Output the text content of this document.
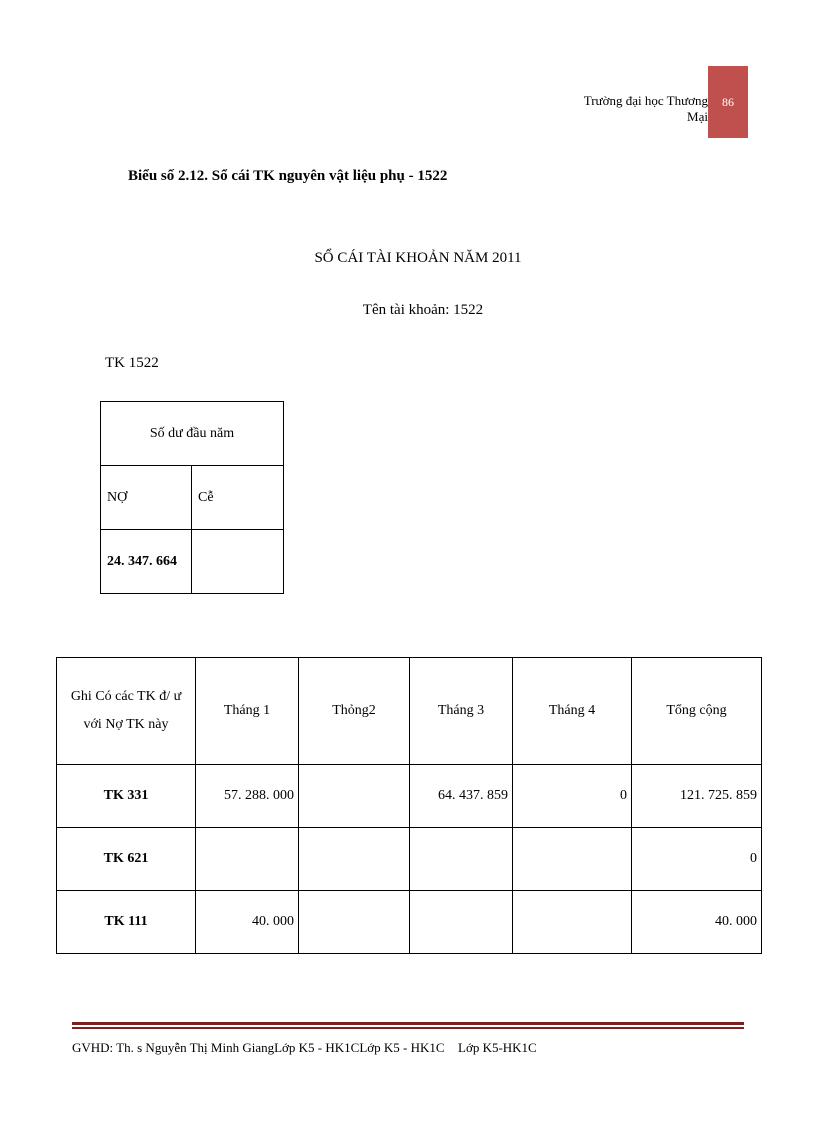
Trường đại học Thương Mại
86
Biểu số 2.12. Sổ cái TK nguyên vật liệu phụ - 1522
SỔ CÁI TÀI KHOẢN NĂM 2011
Tên tài khoản: 1522
TK 1522
Số dư đầu năm	
NỢ	Cễ
24. 347. 664	
Ghi Có các TK đ/ ư
với Nợ TK này	Tháng 1	Thỏng2	Tháng 3	Tháng 4	Tổng cộng
TK 331	57. 288. 000		64. 437. 859	0	121. 725. 859
TK 621					0
TK 111	40. 000				40. 000
GVHD: Th. s Nguyễn Thị Minh GiangLớp K5 - HK1CLớp K5 - HK1C Lớp K5-HK1C
